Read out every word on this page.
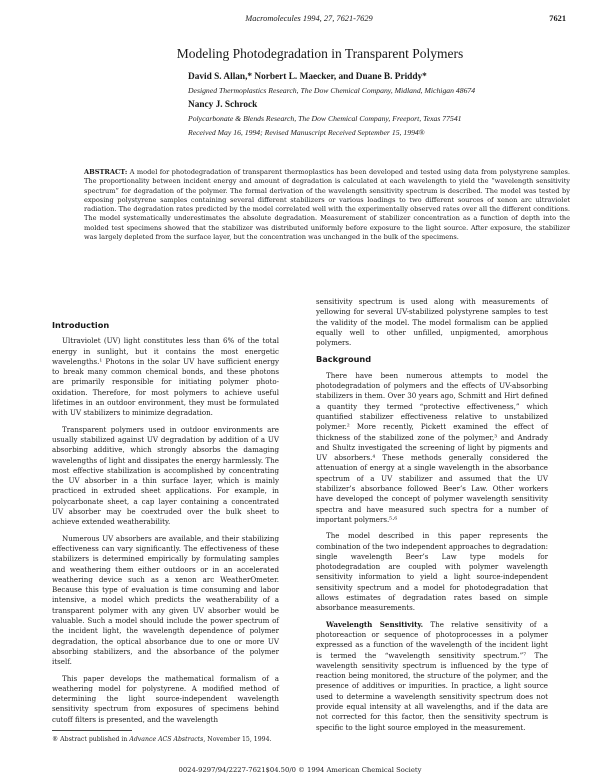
Macromolecules 1994, 27, 7621-7629	7621
Modeling Photodegradation in Transparent Polymers
David S. Allan,* Norbert L. Maecker, and Duane B. Priddy*
Designed Thermoplastics Research, The Dow Chemical Company, Midland, Michigan 48674
Nancy J. Schrock
Polycarbonate & Blends Research, The Dow Chemical Company, Freeport, Texas 77541
Received May 16, 1994; Revised Manuscript Received September 15, 1994®

ABSTRACT: A model for photodegradation of transparent thermoplastics has been developed and tested using data from polystyrene samples. The proportionality between incident energy and amount of degradation is calculated at each wavelength to yield the “wavelength sensitivity spectrum” for degradation of the polymer. The formal derivation of the wavelength sensitivity spectrum is described. The model was tested by exposing polystyrene samples containing several different stabilizers or various loadings to two different sources of xenon arc ultraviolet radiation. The degradation rates predicted by the model correlated well with the experimentally observed rates over all the different conditions. The model systematically underestimates the absolute degradation. Measurement of stabilizer concentration as a function of depth into the molded test specimens showed that the stabilizer was distributed uniformly before exposure to the light source. After exposure, the stabilizer was largely depleted from the surface layer, but the concentration was unchanged in the bulk of the specimens.

Introduction

Ultraviolet (UV) light constitutes less than 6% of the total energy in sunlight, but it contains the most energetic wavelengths.¹ Photons in the solar UV have sufficient energy to break many common chemical bonds, and these photons are primarily responsible for initiating polymer photo-oxidation. Therefore, for most polymers to achieve useful lifetimes in an outdoor environment, they must be formulated with UV stabilizers to minimize degradation.

Transparent polymers used in outdoor environments are usually stabilized against UV degradation by addition of a UV absorbing additive, which strongly absorbs the damaging wavelengths of light and dissipates the energy harmlessly. The most effective stabilization is accomplished by concentrating the UV absorber in a thin surface layer, which is mainly practiced in extruded sheet applications. For example, in polycarbonate sheet, a cap layer containing a concentrated UV absorber may be coextruded over the bulk sheet to achieve extended weatherability.

Numerous UV absorbers are available, and their stabilizing effectiveness can vary significantly. The effectiveness of these stabilizers is determined empirically by formulating samples and weathering them either outdoors or in an accelerated weathering device such as a xenon arc WeatherOmeter. Because this type of evaluation is time consuming and labor intensive, a model which predicts the weatherability of a transparent polymer with any given UV absorber would be valuable. Such a model should include the power spectrum of the incident light, the wavelength dependence of polymer degradation, the optical absorbance due to one or more UV absorbing stabilizers, and the absorbance of the polymer itself.

This paper develops the mathematical formalism of a weathering model for polystyrene. A modified method of determining the light source-independent wavelength sensitivity spectrum from exposures of specimens behind cutoff filters is presented, and the wavelength

sensitivity spectrum is used along with measurements of yellowing for several UV-stabilized polystyrene samples to test the validity of the model. The model formalism can be applied equally well to other unfilled, unpigmented, amorphous polymers.

Background

There have been numerous attempts to model the photodegradation of polymers and the effects of UV-absorbing stabilizers in them. Over 30 years ago, Schmitt and Hirt defined a quantity they termed “protective effectiveness,” which quantified stabilizer effectiveness relative to unstabilized polymer.² More recently, Pickett examined the effect of thickness of the stabilized zone of the polymer,³ and Andrady and Shultz investigated the screening of light by pigments and UV absorbers.⁴ These methods generally considered the attenuation of energy at a single wavelength in the absorbance spectrum of a UV stabilizer and assumed that the UV stabilizer’s absorbance followed Beer’s Law. Other workers have developed the concept of polymer wavelength sensitivity spectra and have measured such spectra for a number of important polymers.⁵·⁶

The model described in this paper represents the combination of the two independent approaches to degradation: single wavelength Beer’s Law type models for photodegradation are coupled with polymer wavelength sensitivity information to yield a light source-independent sensitivity spectrum and a model for photodegradation that allows estimates of degradation rates based on simple absorbance measurements.

Wavelength Sensitivity. The relative sensitivity of a photoreaction or sequence of photoprocesses in a polymer expressed as a function of the wavelength of the incident light is termed the “wavelength sensitivity spectrum.”⁷ The wavelength sensitivity spectrum is influenced by the type of reaction being monitored, the structure of the polymer, and the presence of additives or impurities. In practice, a light source used to determine a wavelength sensitivity spectrum does not provide equal intensity at all wavelengths, and if the data are not corrected for this factor, then the sensitivity spectrum is specific to the light source employed in the measurement.

® Abstract published in Advance ACS Abstracts, November 15, 1994.
0024-9297/94/2227-7621$04.50/0 © 1994 American Chemical Society
